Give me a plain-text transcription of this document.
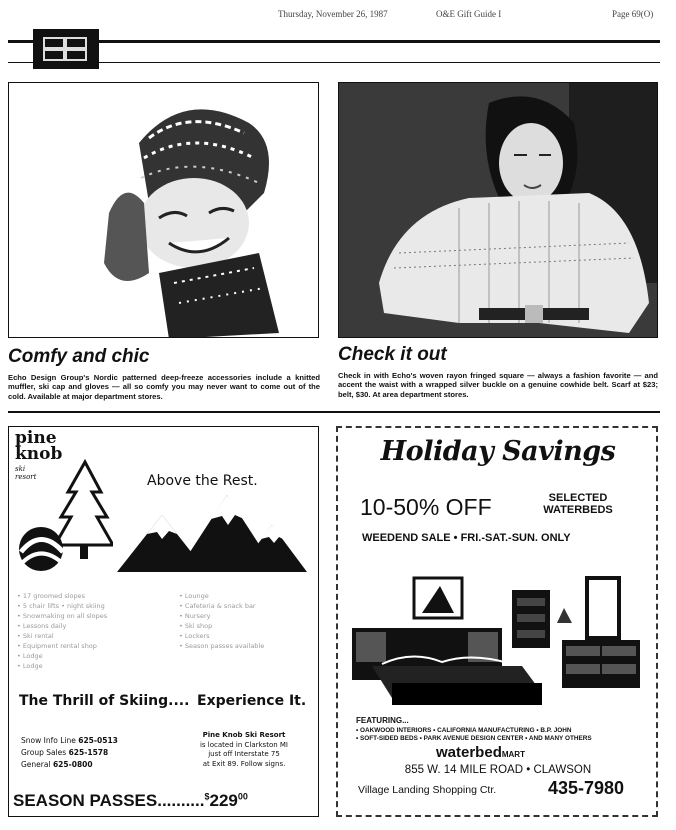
Thursday, November 26, 1987	O&E Gift Guide I	Page 69(O)
Comfy and chic
Echo Design Group's Nordic patterned deep-freeze accessories include a knitted muffler, ski cap and gloves — all so comfy you may never want to come out of the cold. Available at major department stores.
Check it out
Check in with Echo's woven rayon fringed square — always a fashion favorite — and accent the waist with a wrapped silver buckle on a genuine cowhide belt. Scarf at $23; belt, $30. At area department stores.
pine
knob
ski
resort	Above the Rest.
• 17 groomed slopes
• 5 chair lifts • night skiing
• Snowmaking on all slopes
• Lessons daily
• Ski rental
• Equipment rental shop
• Lodge
• Lodge
• Lounge
• Cafeteria & snack bar
• Nursery
• Ski shop
• Lockers
• Season passes available
The Thrill of Skiing.... Experience It.
Snow Info Line 625-0513
Group Sales 625-1578
General 625-0800
Pine Knob Ski Resort
is located in Clarkston MI
just off Interstate 75
at Exit 89. Follow signs.
SEASON $PASSES..........^{\$}229^{00}$
Holiday Savings
10-50% OFF	SELECTED
WATERBEDS
WEEDEND SALE • FRI.-SAT.-SUN. ONLY
FEATURING...
• OAKWOOD INTERIORS • CALIFORNIA MANUFACTURING • B.P. JOHN
• SOFT-SIDED BEDS • PARK AVENUE DESIGN CENTER • AND MANY OTHERS
waterbedMART
855 W. 14 MILE ROAD • CLAWSON
Village Landing Shopping Ctr.	435-7980
